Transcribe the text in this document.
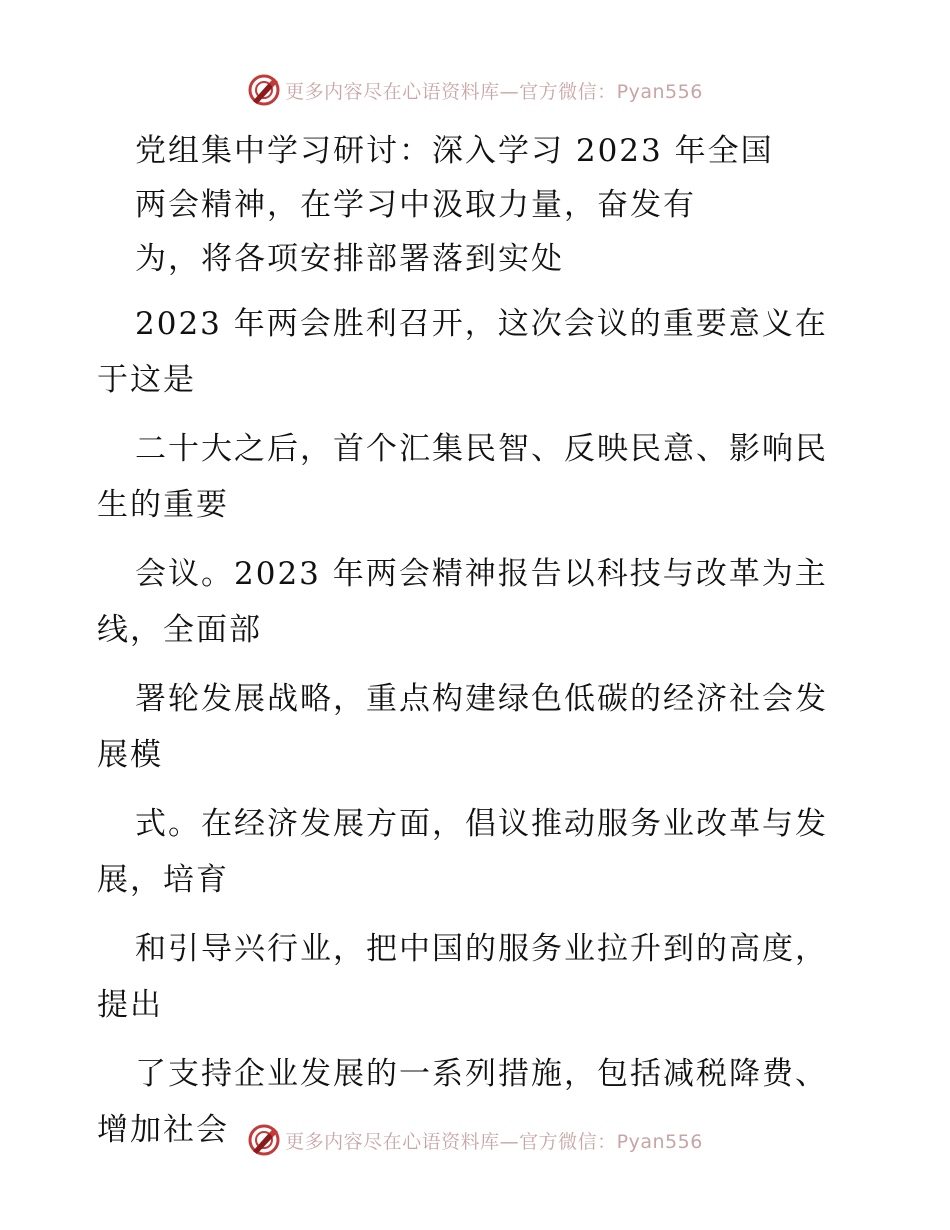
更多内容尽在心语资料库—官方微信：Pyan556
党组集中学习研讨：深入学习 2023 年全国
两会精神，在学习中汲取力量，奋发有
为，将各项安排部署落到实处

2023 年两会胜利召开，这次会议的重要意义在
于这是

二十大之后，首个汇集民智、反映民意、影响民
生的重要

会议。2023 年两会精神报告以科技与改革为主
线，全面部

署轮发展战略，重点构建绿色低碳的经济社会发
展模

式。在经济发展方面，倡议推动服务业改革与发
展，培育

和引导兴行业，把中国的服务业拉升到的高度，
提出

了支持企业发展的一系列措施，包括减税降费、
增加社会	更多内容尽在心语资料库—官方微信：Pyan556
